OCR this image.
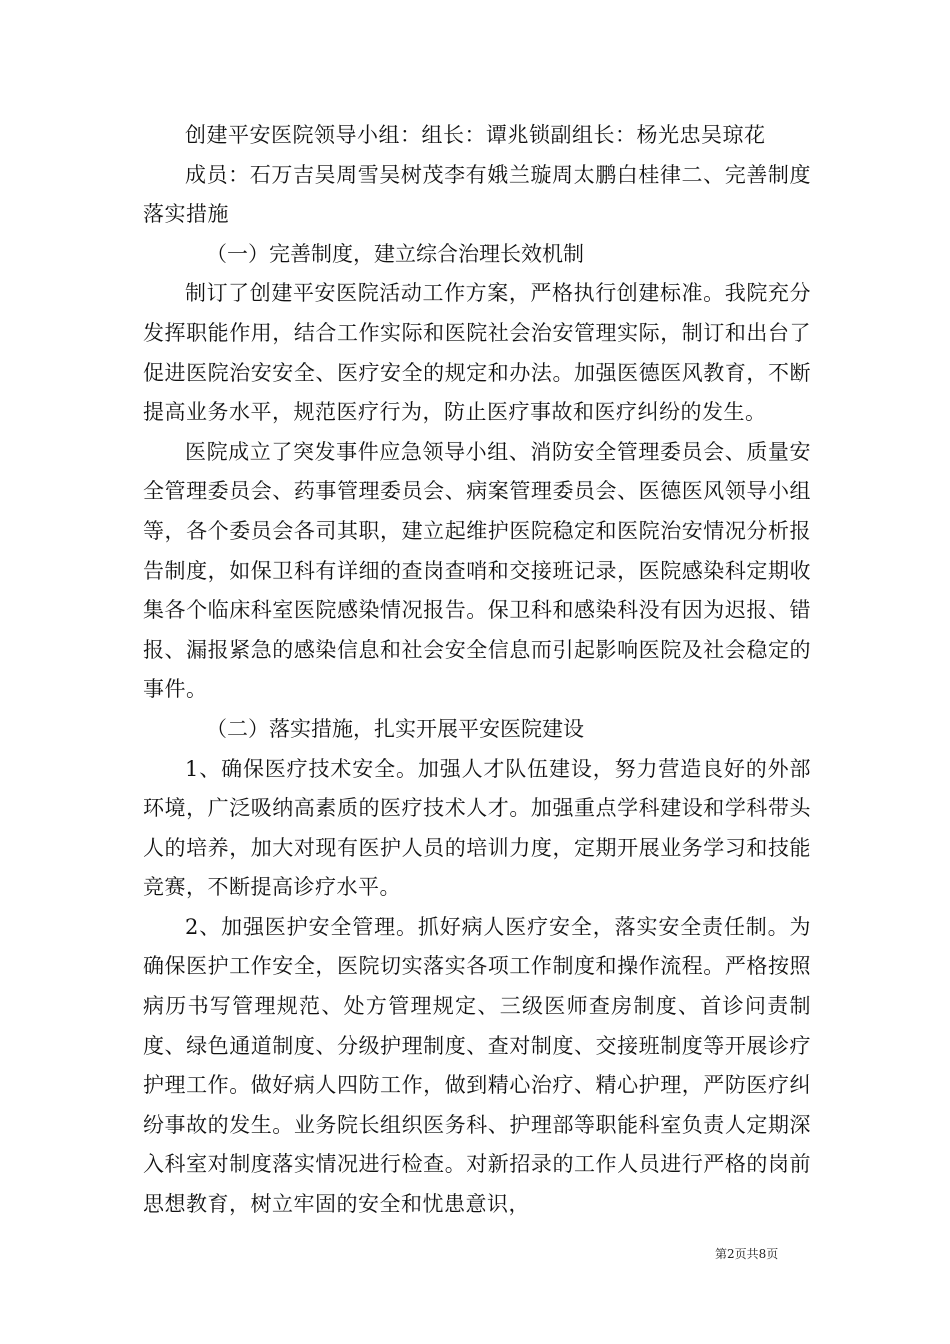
创建平安医院领导小组：组长：谭兆锁副组长：杨光忠吴琼花

成员：石万吉吴周雪吴树茂李有娥兰璇周太鹏白桂律二、完善制度落实措施

（一）完善制度，建立综合治理长效机制

制订了创建平安医院活动工作方案，严格执行创建标准。我院充分发挥职能作用，结合工作实际和医院社会治安管理实际，制订和出台了促进医院治安安全、医疗安全的规定和办法。加强医德医风教育，不断提高业务水平，规范医疗行为，防止医疗事故和医疗纠纷的发生。

医院成立了突发事件应急领导小组、消防安全管理委员会、质量安全管理委员会、药事管理委员会、病案管理委员会、医德医风领导小组等，各个委员会各司其职，建立起维护医院稳定和医院治安情况分析报告制度，如保卫科有详细的查岗查哨和交接班记录，医院感染科定期收集各个临床科室医院感染情况报告。保卫科和感染科没有因为迟报、错报、漏报紧急的感染信息和社会安全信息而引起影响医院及社会稳定的事件。

（二）落实措施，扎实开展平安医院建设

1、确保医疗技术安全。加强人才队伍建设，努力营造良好的外部环境，广泛吸纳高素质的医疗技术人才。加强重点学科建设和学科带头人的培养，加大对现有医护人员的培训力度，定期开展业务学习和技能竞赛，不断提高诊疗水平。

2、加强医护安全管理。抓好病人医疗安全，落实安全责任制。为确保医护工作安全，医院切实落实各项工作制度和操作流程。严格按照病历书写管理规范、处方管理规定、三级医师查房制度、首诊问责制度、绿色通道制度、分级护理制度、查对制度、交接班制度等开展诊疗护理工作。做好病人四防工作，做到精心治疗、精心护理，严防医疗纠纷事故的发生。业务院长组织医务科、护理部等职能科室负责人定期深入科室对制度落实情况进行检查。对新招录的工作人员进行严格的岗前思想教育，树立牢固的安全和忧患意识，

第2页共8页
